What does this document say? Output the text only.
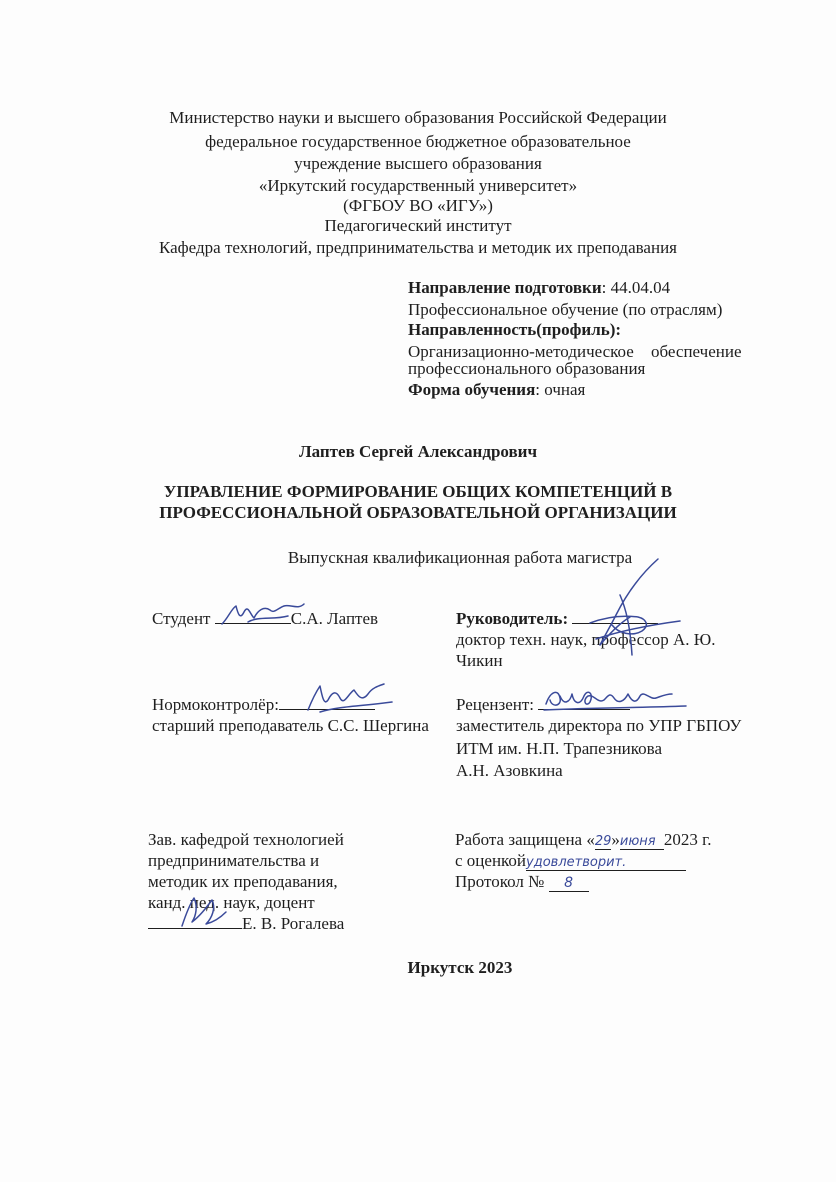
Министерство науки и высшего образования Российской Федерации
федеральное государственное бюджетное образовательное
учреждение высшего образования
«Иркутский государственный университет»
(ФГБОУ ВО «ИГУ»)
Педагогический институт
Кафедра технологий, предпринимательства и методик их преподавания
Направление подготовки: 44.04.04
Профессиональное обучение (по отраслям)
Направленность(профиль):
Организационно-методическое обеспечение
профессионального образования
Форма обучения: очная
Лаптев Сергей Александрович
УПРАВЛЕНИЕ ФОРМИРОВАНИЕ ОБЩИХ КОМПЕТЕНЦИЙ В
ПРОФЕССИОНАЛЬНОЙ ОБРАЗОВАТЕЛЬНОЙ ОРГАНИЗАЦИИ
Выпускная квалификационная работа магистра
Студент	С.А. Лаптев	Руководитель:
доктор техн. наук, профессор А. Ю.
Чикин
Нормоконтролёр:
старший преподаватель С.С. Шергина
Рецензент:
заместитель директора по УПР ГБПОУ
ИТМ им. Н.П. Трапезникова
А.Н. Азовкина
Зав. кафедрой технологией
предпринимательства и
методик их преподавания,
канд. пед. наук, доцент
Е. В. Рогалева
Работа защищена «29»июня 2023 г.
с оценкойудовлетворит.
Протокол № 8
Иркутск 2023
